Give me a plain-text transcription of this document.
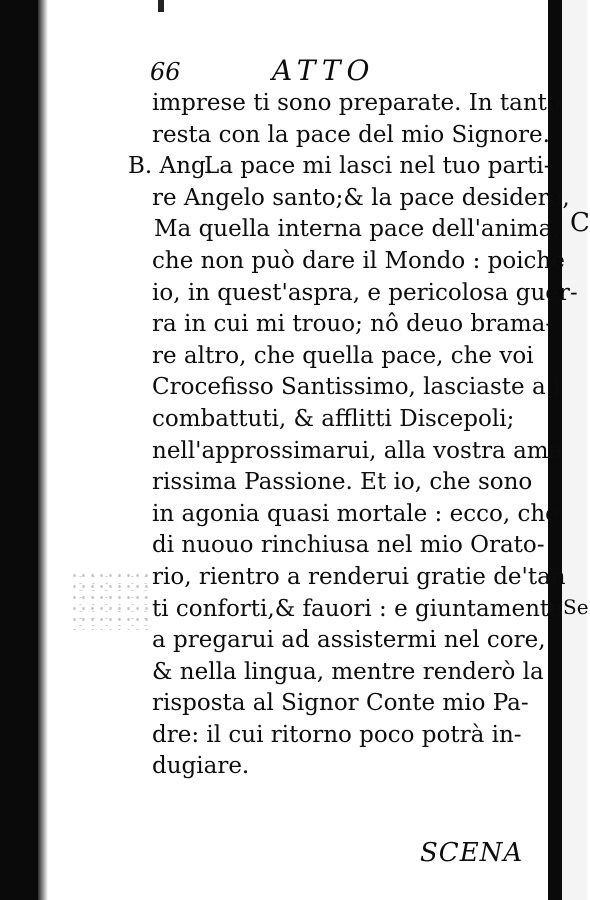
66	ATTO
imprese ti sono preparate. In tanto
resta con la pace del mio Signore.
B. Ang.
La pace mi lasci nel tuo parti-
re Angelo santo;& la pace desidero,
Ma quella interna pace dell'anima,
che non può dare il Mondo : poiche
io, in quest'aspra, e pericolosa guer-
ra in cui mi trouo; nô deuo brama-
re altro, che quella pace, che voi
Crocefisso Santissimo, lasciaste a i
combattuti, & afflitti Discepoli;
nell'approssimarui, alla vostra ama
rissima Passione. Et io, che sono
in agonia quasi mortale : ecco, che
di nuouo rinchiusa nel mio Orato-
rio, rientro a renderui gratie de'tan
ti conforti,& fauori : e giuntamente
a pregarui ad assistermi nel core,
& nella lingua, mentre renderò la
risposta al Signor Conte mio Pa-
dre: il cui ritorno poco potrà in-
dugiare.
C
Se
SCENA
